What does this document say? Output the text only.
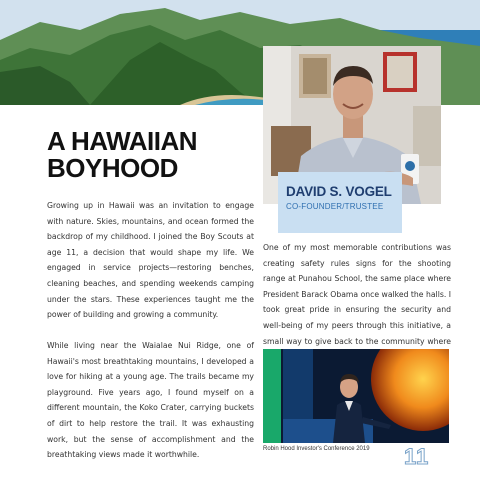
DAVID S. VOGEL
CO-FOUNDER/TRUSTEE
A HAWAIIAN
BOYHOOD

Growing up in Hawaii was an invitation to engage with nature. Skies, mountains, and ocean formed the backdrop of my childhood. I joined the Boy Scouts at age 11, a decision that would shape my life. We engaged in service projects—restoring benches, cleaning beaches, and spending weekends camping under the stars. These experiences taught me the power of building and growing a community.

While living near the Waialae Nui Ridge, one of Hawaii's most breathtaking mountains, I developed a love for hiking at a young age. The trails became my playground. Five years ago, I found myself on a different mountain, the Koko Crater, carrying buckets of dirt to help restore the trail. It was exhausting work, but the sense of accomplishment and the breathtaking views made it worthwhile.

One of my most memorable contributions was creating safety rules signs for the shooting range at Punahou School, the same place where President Barack Obama once walked the halls. I took great pride in ensuring the security and well-being of my peers through this initiative, a small way to give back to the community where

Robin Hood Investor's Conference 2019 11
